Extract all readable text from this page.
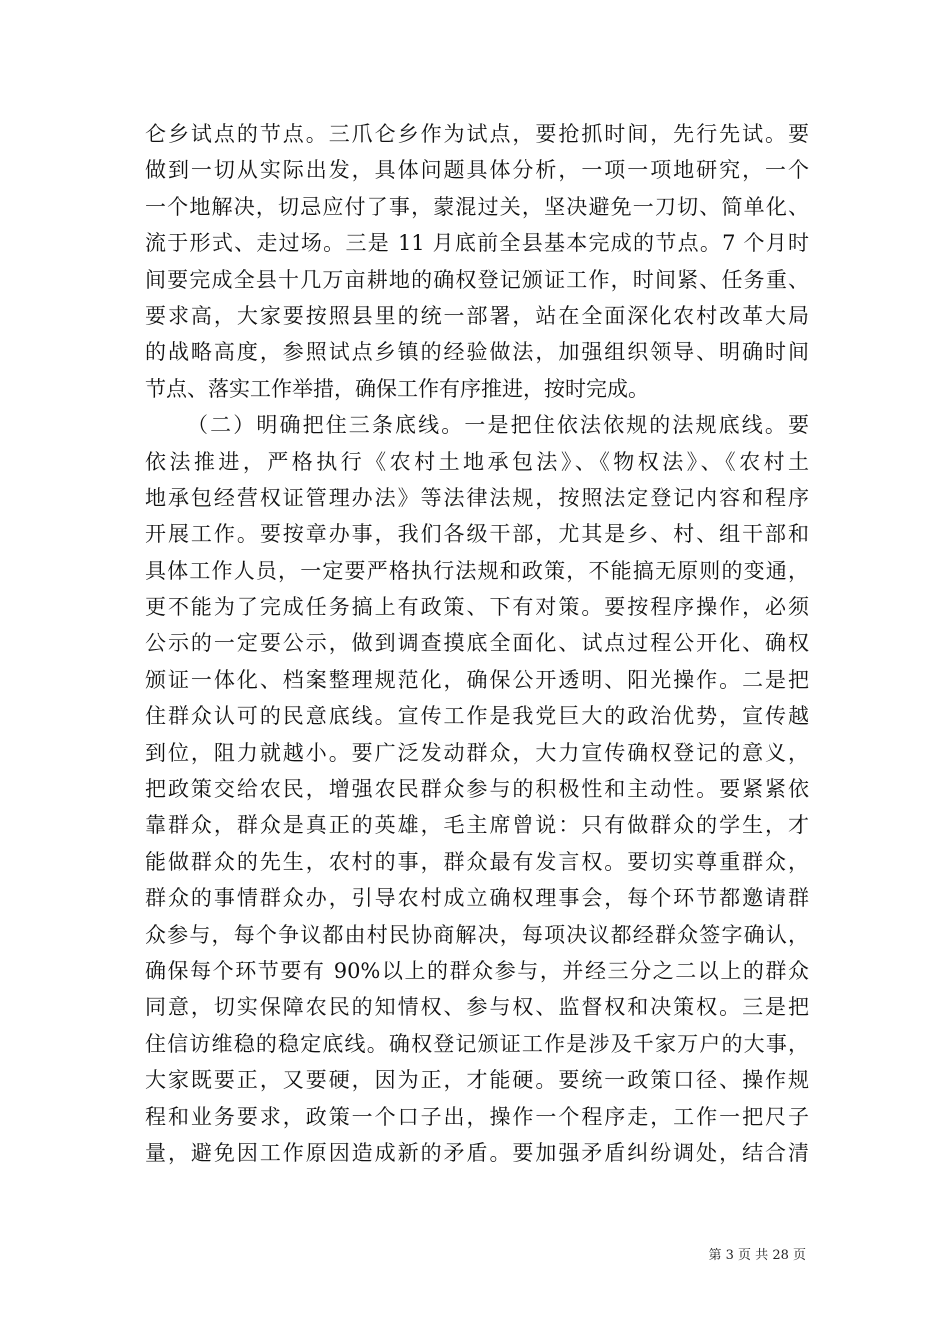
仑乡试点的节点。三爪仑乡作为试点，要抢抓时间，先行先试。要
做到一切从实际出发，具体问题具体分析，一项一项地研究，一个
一个地解决，切忌应付了事，蒙混过关，坚决避免一刀切、简单化、
流于形式、走过场。三是 11 月底前全县基本完成的节点。7 个月时
间要完成全县十几万亩耕地的确权登记颁证工作，时间紧、任务重、
要求高，大家要按照县里的统一部署，站在全面深化农村改革大局
的战略高度，参照试点乡镇的经验做法，加强组织领导、明确时间
节点、落实工作举措，确保工作有序推进，按时完成。
（二）明确把住三条底线。一是把住依法依规的法规底线。要
依法推进，严格执行《农村土地承包法》、《物权法》、《农村土
地承包经营权证管理办法》等法律法规，按照法定登记内容和程序
开展工作。要按章办事，我们各级干部，尤其是乡、村、组干部和
具体工作人员，一定要严格执行法规和政策，不能搞无原则的变通，
更不能为了完成任务搞上有政策、下有对策。要按程序操作，必须
公示的一定要公示，做到调查摸底全面化、试点过程公开化、确权
颁证一体化、档案整理规范化，确保公开透明、阳光操作。二是把
住群众认可的民意底线。宣传工作是我党巨大的政治优势，宣传越
到位，阻力就越小。要广泛发动群众，大力宣传确权登记的意义，
把政策交给农民，增强农民群众参与的积极性和主动性。要紧紧依
靠群众，群众是真正的英雄，毛主席曾说：只有做群众的学生，才
能做群众的先生，农村的事，群众最有发言权。要切实尊重群众，
群众的事情群众办，引导农村成立确权理事会，每个环节都邀请群
众参与，每个争议都由村民协商解决，每项决议都经群众签字确认，
确保每个环节要有 90%以上的群众参与，并经三分之二以上的群众
同意，切实保障农民的知情权、参与权、监督权和决策权。三是把
住信访维稳的稳定底线。确权登记颁证工作是涉及千家万户的大事，
大家既要正，又要硬，因为正，才能硬。要统一政策口径、操作规
程和业务要求，政策一个口子出，操作一个程序走，工作一把尺子
量，避免因工作原因造成新的矛盾。要加强矛盾纠纷调处，结合清
第 3 页 共 28 页
